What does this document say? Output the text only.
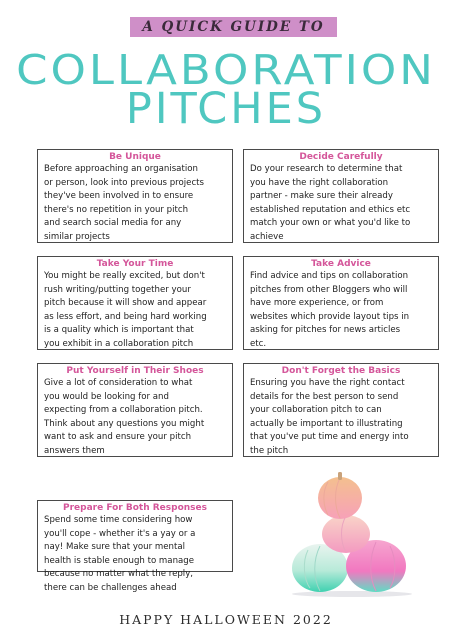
A QUICK GUIDE TO
COLLABORATION
PITCHES
Be Unique
Before approaching an organisation
or person, look into previous projects
they've been involved in to ensure
there's no repetition in your pitch
and search social media for any
similar projects
Decide Carefully
Do your research to determine that
you have the right collaboration
partner - make sure their already
established reputation and ethics etc
match your own or what you'd like to
achieve
Take Your Time
You might be really excited, but don't
rush writing/putting together your
pitch because it will show and appear
as less effort, and being hard working
is a quality which is important that
you exhibit in a collaboration pitch
Take Advice
Find advice and tips on collaboration
pitches from other Bloggers who will
have more experience, or from
websites which provide layout tips in
asking for pitches for news articles
etc.
Put Yourself in Their Shoes
Give a lot of consideration to what
you would be looking for and
expecting from a collaboration pitch.
Think about any questions you might
want to ask and ensure your pitch
answers them
Don't Forget the Basics
Ensuring you have the right contact
details for the best person to send
your collaboration pitch to can
actually be important to illustrating
that you've put time and energy into
the pitch
Prepare For Both Responses
Spend some time considering how
you'll cope - whether it's a yay or a
nay! Make sure that your mental
health is stable enough to manage
because no matter what the reply,
there can be challenges ahead
HAPPY HALLOWEEN 2022
